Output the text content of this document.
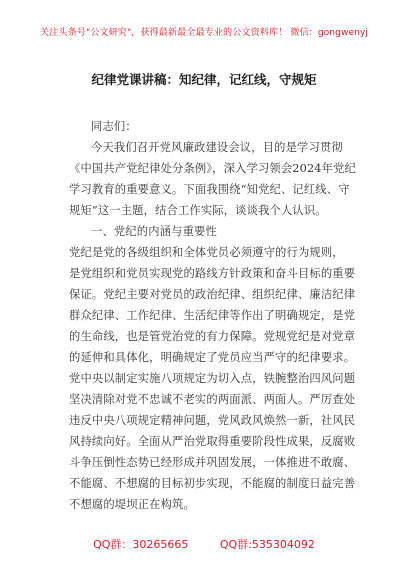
关注头条号"公文研究"，获得最新最全最专业的公文资料库！ 微信：gongwenyj
纪律党课讲稿：知纪律，记红线，守规矩

同志们：

今天我们召开党风廉政建设会议，目的是学习贯彻

《中国共产党纪律处分条例》，深入学习领会2024年党纪

学习教育的重要意义。下面我围绕“知党纪、记红线、守

规矩”这一主题，结合工作实际，谈谈我个人认识。

一、党纪的内涵与重要性

党纪是党的各级组织和全体党员必须遵守的行为规则，

是党组织和党员实现党的路线方针政策和奋斗目标的重要

保证。党纪主要对党员的政治纪律、组织纪律、廉洁纪律

群众纪律、工作纪律、生活纪律等作出了明确规定，是党

的生命线，也是管党治党的有力保障。党规党纪是对党章

的延伸和具体化，明确规定了党员应当严守的纪律要求。

党中央以制定实施八项规定为切入点，铁腕整治四风问题

坚决清除对党不忠诚不老实的两面派、两面人。严厉查处

违反中央八项规定精神问题，党风政风焕然一新，社风民

风持续向好。全面从严治党取得重要阶段性成果，反腐败

斗争压倒性态势已经形成并巩固发展，一体推进不敢腐、

不能腐、不想腐的目标初步实现，不能腐的制度日益完善

不想腐的堤坝正在构筑。

QQ群：30265665	QQ群:535304092
